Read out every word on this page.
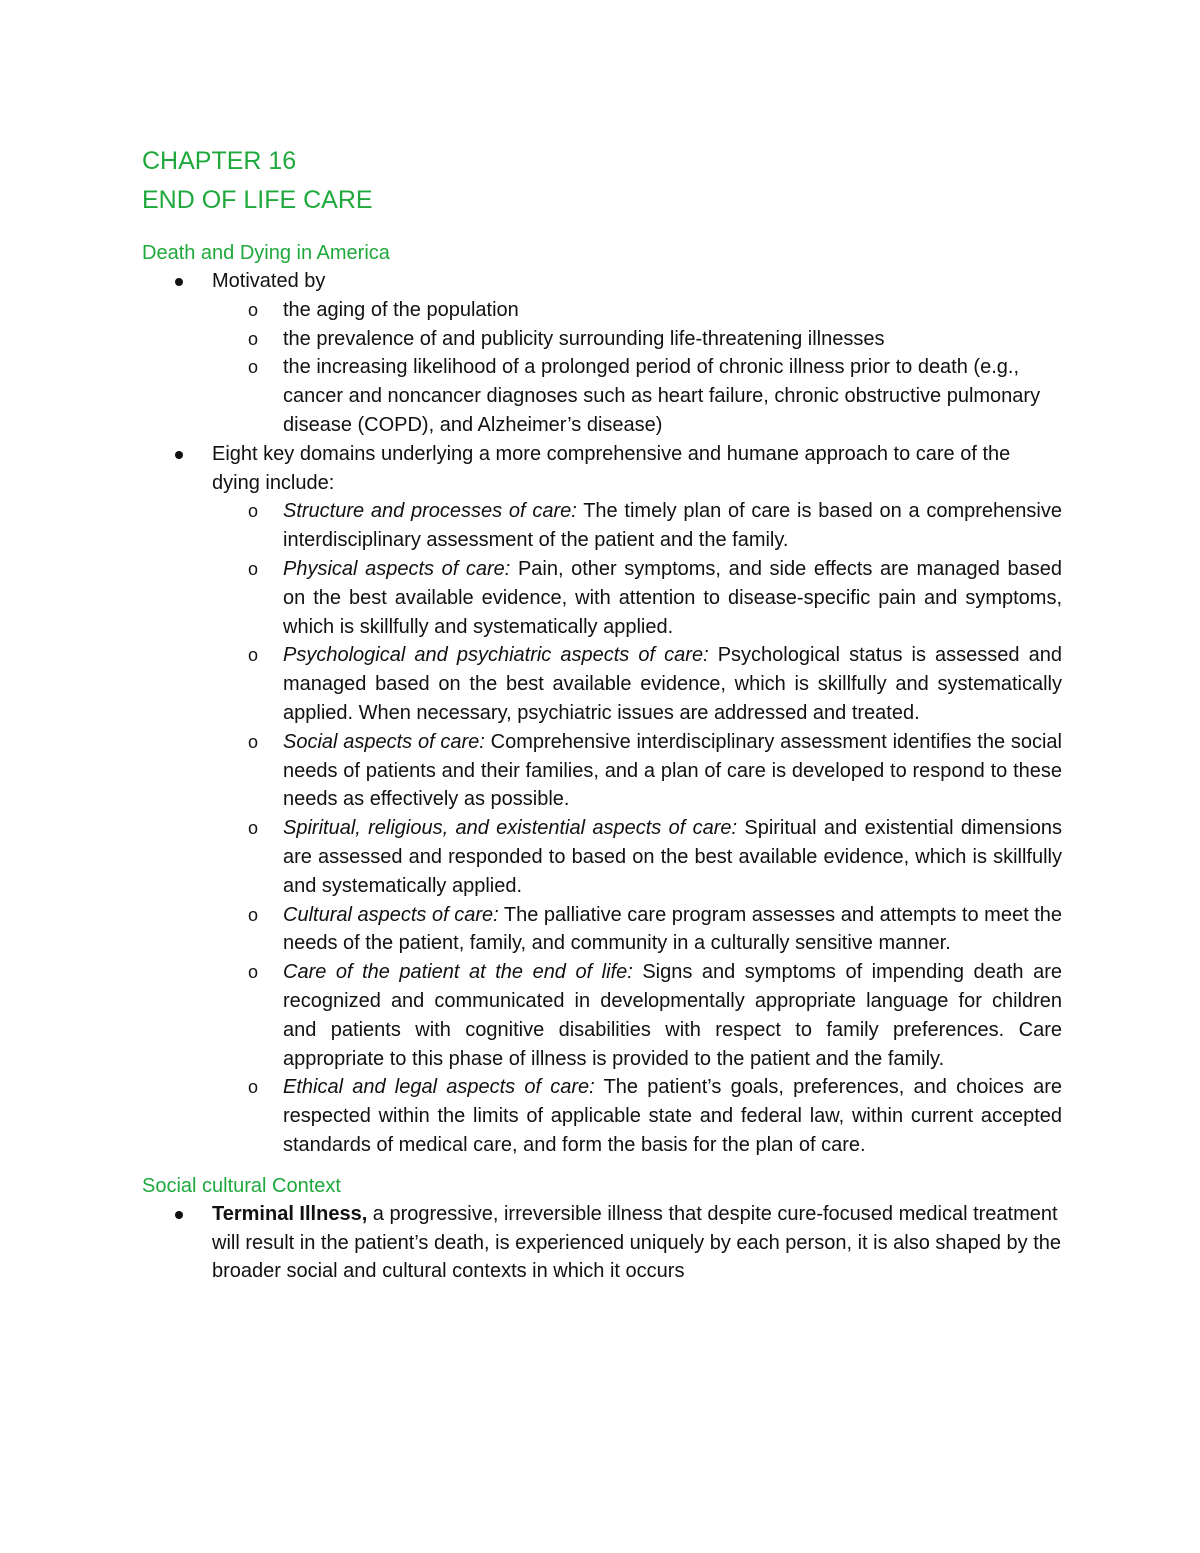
CHAPTER 16
END OF LIFE CARE
Death and Dying in America
Motivated by
o the aging of the population
o the prevalence of and publicity surrounding life-threatening illnesses
o the increasing likelihood of a prolonged period of chronic illness prior to death (e.g., cancer and noncancer diagnoses such as heart failure, chronic obstructive pulmonary disease (COPD), and Alzheimer’s disease)
Eight key domains underlying a more comprehensive and humane approach to care of the dying include:
o Structure and processes of care: The timely plan of care is based on a comprehensive interdisciplinary assessment of the patient and the family.
o Physical aspects of care: Pain, other symptoms, and side effects are managed based on the best available evidence, with attention to disease-specific pain and symptoms, which is skillfully and systematically applied.
o Psychological and psychiatric aspects of care: Psychological status is assessed and managed based on the best available evidence, which is skillfully and systematically applied. When necessary, psychiatric issues are addressed and treated.
o Social aspects of care: Comprehensive interdisciplinary assessment identifies the social needs of patients and their families, and a plan of care is developed to respond to these needs as effectively as possible.
o Spiritual, religious, and existential aspects of care: Spiritual and existential dimensions are assessed and responded to based on the best available evidence, which is skillfully and systematically applied.
o Cultural aspects of care: The palliative care program assesses and attempts to meet the needs of the patient, family, and community in a culturally sensitive manner.
o Care of the patient at the end of life: Signs and symptoms of impending death are recognized and communicated in developmentally appropriate language for children and patients with cognitive disabilities with respect to family preferences. Care appropriate to this phase of illness is provided to the patient and the family.
o Ethical and legal aspects of care: The patient’s goals, preferences, and choices are respected within the limits of applicable state and federal law, within current accepted standards of medical care, and form the basis for the plan of care.
Social cultural Context
Terminal Illness, a progressive, irreversible illness that despite cure-focused medical treatment will result in the patient’s death, is experienced uniquely by each person, it is also shaped by the broader social and cultural contexts in which it occurs
